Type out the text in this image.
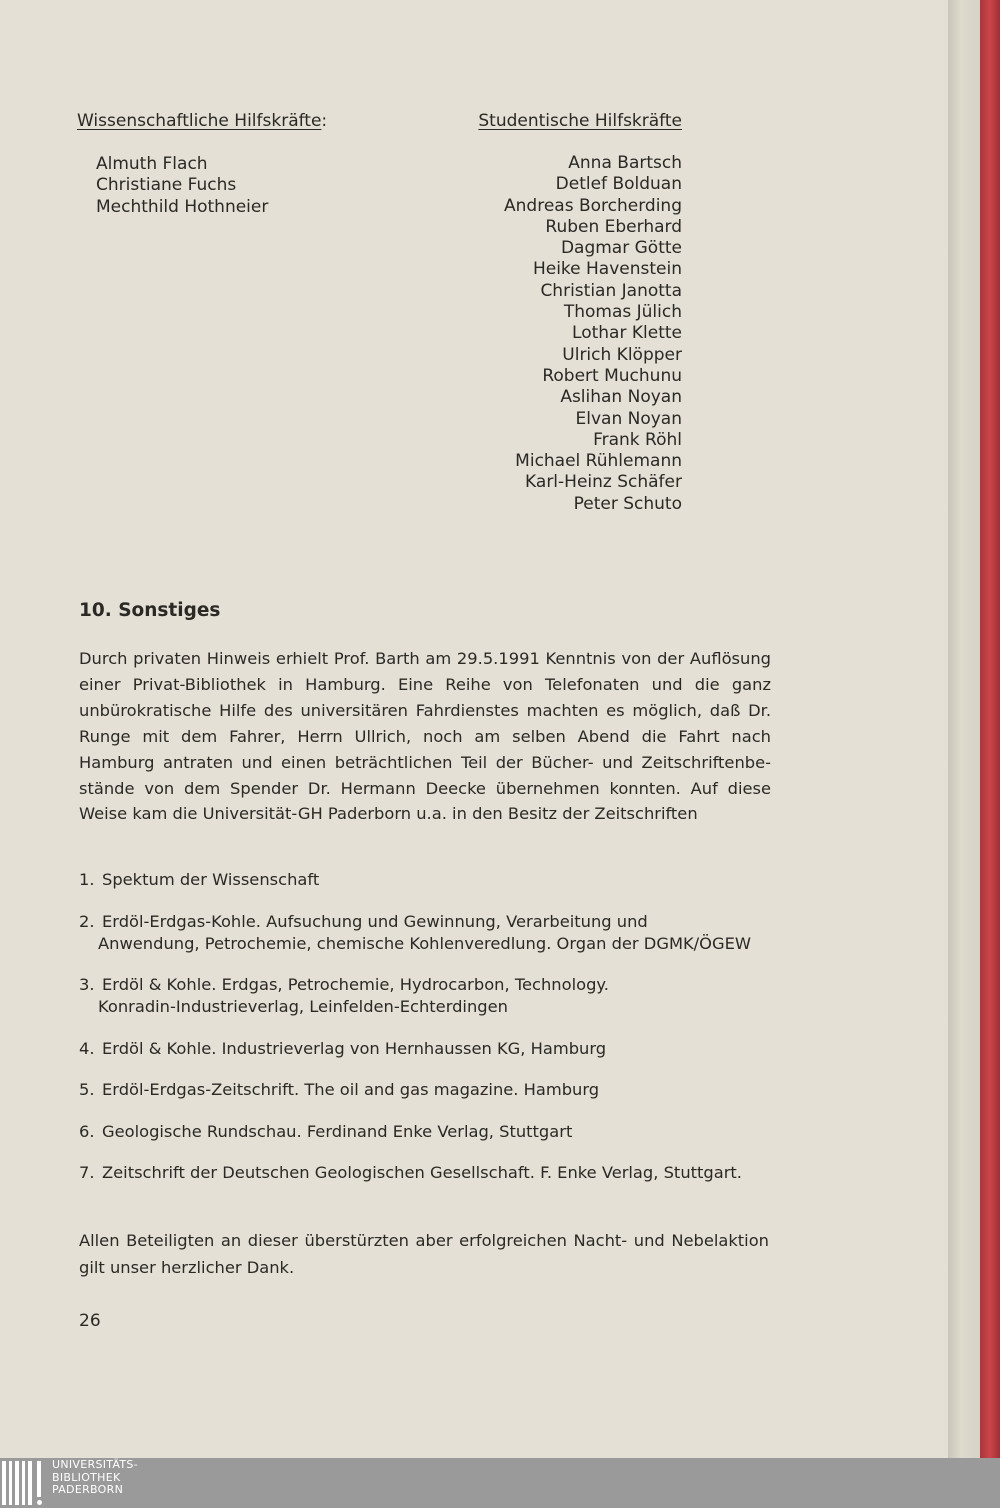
Wissenschaftliche Hilfskräfte:
Almuth Flach
Christiane Fuchs
Mechthild Hothneier
Studentische Hilfskräfte
Anna Bartsch
Detlef Bolduan
Andreas Borcherding
Ruben Eberhard
Dagmar Götte
Heike Havenstein
Christian Janotta
Thomas Jülich
Lothar Klette
Ulrich Klöpper
Robert Muchunu
Aslihan Noyan
Elvan Noyan
Frank Röhl
Michael Rühlemann
Karl-Heinz Schäfer
Peter Schuto
10. Sonstiges
Durch privaten Hinweis erhielt Prof. Barth am 29.5.1991 Kenntnis von der Auflösung einer Privat-Bibliothek in Hamburg. Eine Reihe von Telefonaten und die ganz unbürokratische Hilfe des universitären Fahrdienstes machten es möglich, daß Dr. Runge mit dem Fahrer, Herrn Ullrich, noch am selben Abend die Fahrt nach Hamburg antraten und einen beträchtlichen Teil der Bücher- und Zeitschriftenbestände von dem Spender Dr. Hermann Deecke übernehmen konnten. Auf diese Weise kam die Universität-GH Paderborn u.a. in den Besitz der Zeitschriften
1. Spektum der Wissenschaft
2. Erdöl-Erdgas-Kohle. Aufsuchung und Gewinnung, Verarbeitung und
Anwendung, Petrochemie, chemische Kohlenveredlung. Organ der DGMK/ÖGEW
3. Erdöl & Kohle. Erdgas, Petrochemie, Hydrocarbon, Technology.
Konradin-Industrieverlag, Leinfelden-Echterdingen
4. Erdöl & Kohle. Industrieverlag von Hernhaussen KG, Hamburg
5. Erdöl-Erdgas-Zeitschrift. The oil and gas magazine. Hamburg
6. Geologische Rundschau. Ferdinand Enke Verlag, Stuttgart
7. Zeitschrift der Deutschen Geologischen Gesellschaft. F. Enke Verlag, Stuttgart.
Allen Beteiligten an dieser überstürzten aber erfolgreichen Nacht- und Nebelaktion gilt unser herzlicher Dank.
26
UNIVERSITÄTS-
BIBLIOTHEK
PADERBORN
